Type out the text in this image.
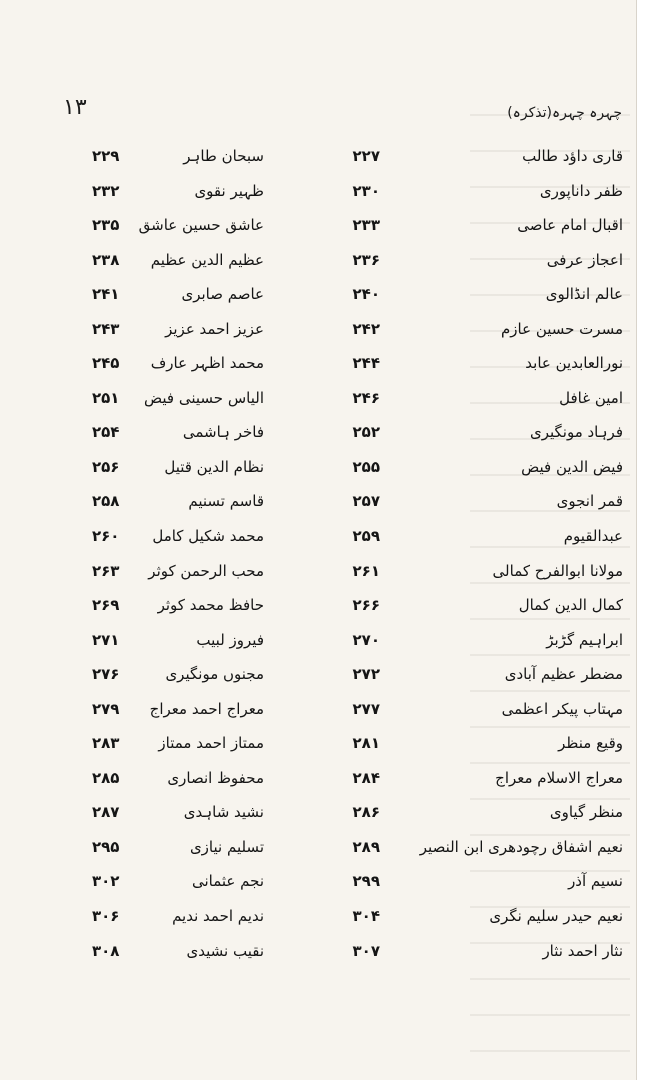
۱۳	چہرہ چہرہ(تذکرہ)
قاری داؤد طالب
۲۲۷
سبحان طاہر
۲۲۹
ظفر داناپوری
۲۳۰
ظہیر نقوی
۲۳۲
اقبال امام عاصی
۲۳۳
عاشق حسین عاشق
۲۳۵
اعجاز عرفی
۲۳۶
عظیم الدین عظیم
۲۳۸
عالم انڈالوی
۲۴۰
عاصم صابری
۲۴۱
مسرت حسین عازم
۲۴۲
عزیز احمد عزیز
۲۴۳
نورالعابدین عابد
۲۴۴
محمد اظہر عارف
۲۴۵
امین غافل
۲۴۶
الیاس حسینی فیض
۲۵۱
فرہاد مونگیری
۲۵۲
فاخر ہاشمی
۲۵۴
فیض الدین فیض
۲۵۵
نظام الدین قتیل
۲۵۶
قمر انجوی
۲۵۷
قاسم تسنیم
۲۵۸
عبدالقیوم
۲۵۹
محمد شکیل کامل
۲۶۰
مولانا ابوالفرح کمالی
۲۶۱
محب الرحمن کوثر
۲۶۳
کمال الدین کمال
۲۶۶
حافظ محمد کوثر
۲۶۹
ابراہیم گڑبڑ
۲۷۰
فیروز لبیب
۲۷۱
مضطر عظیم آبادی
۲۷۲
مجنوں مونگیری
۲۷۶
مہتاب پیکر اعظمی
۲۷۷
معراج احمد معراج
۲۷۹
وقیع منظر
۲۸۱
ممتاز احمد ممتاز
۲۸۳
معراج الاسلام معراج
۲۸۴
محفوظ انصاری
۲۸۵
منظر گیاوی
۲۸۶
نشید شاہدی
۲۸۷
نعیم اشفاق رچودھری ابن النصیر
۲۸۹
تسلیم نیازی
۲۹۵
نسیم آذر
۲۹۹
نجم عثمانی
۳۰۲
نعیم حیدر سلیم نگری
۳۰۴
ندیم احمد ندیم
۳۰۶
نثار احمد نثار
۳۰۷
نقیب نشیدی
۳۰۸
